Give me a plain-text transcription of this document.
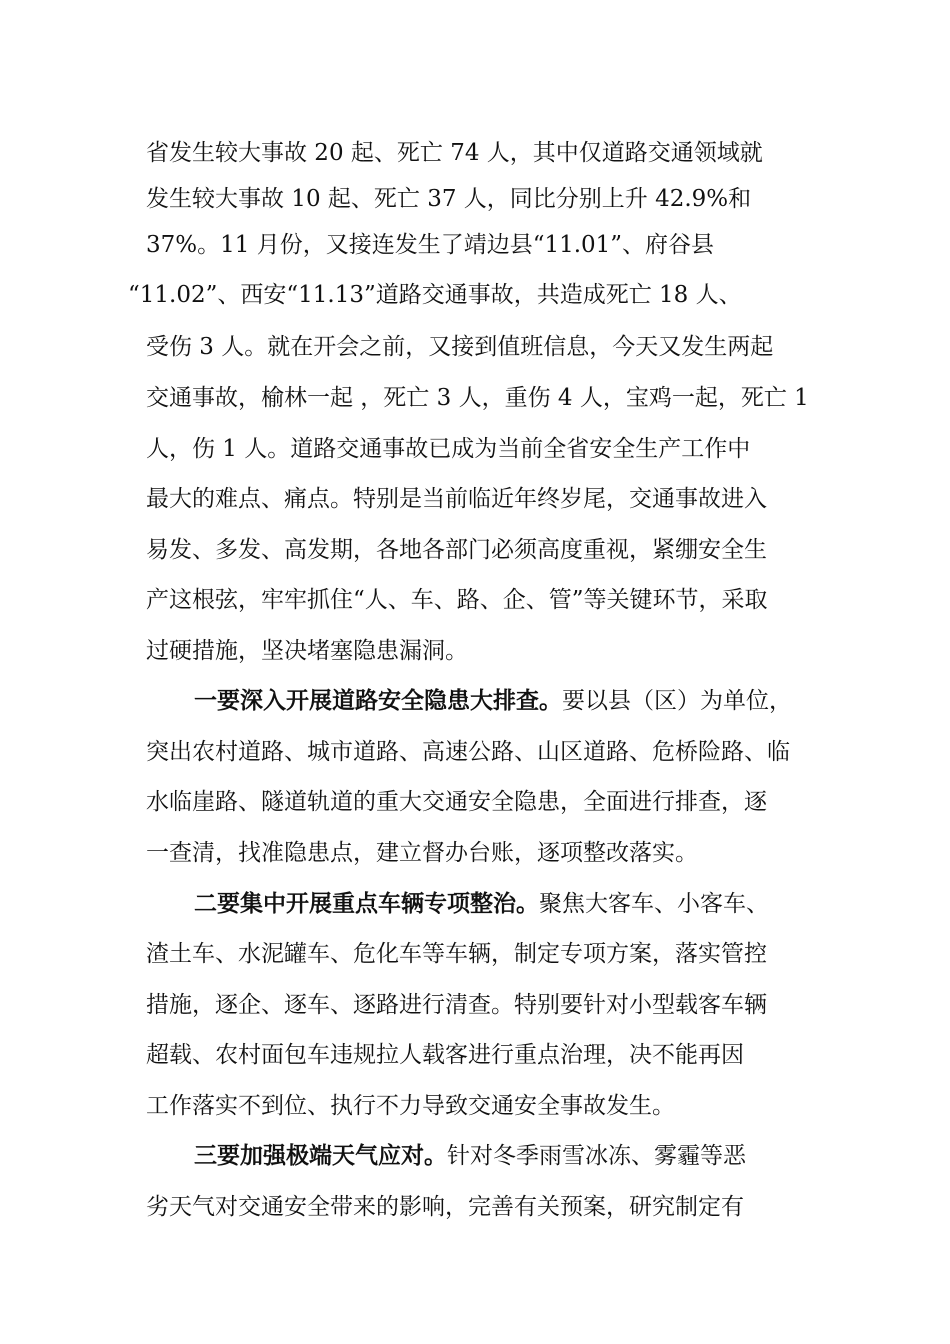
省发生较大事故 20 起、死亡 74 人，其中仅道路交通领域就
发生较大事故 10 起、死亡 37 人，同比分别上升 42.9%和
37%。11 月份，又接连发生了靖边县“11.01”、府谷县
“11.02”、西安“11.13”道路交通事故，共造成死亡 18 人、
受伤 3 人。就在开会之前，又接到值班信息，今天又发生两起
交通事故，榆林一起 ，死亡 3 人，重伤 4 人，宝鸡一起，死亡 1
人，伤 1 人。道路交通事故已成为当前全省安全生产工作中
最大的难点、痛点。特别是当前临近年终岁尾，交通事故进入
易发、多发、高发期，各地各部门必须高度重视，紧绷安全生
产这根弦，牢牢抓住“人、车、路、企、管”等关键环节，采取
过硬措施，坚决堵塞隐患漏洞。
一要深入开展道路安全隐患大排查。要以县（区）为单位，
突出农村道路、城市道路、高速公路、山区道路、危桥险路、临
水临崖路、隧道轨道的重大交通安全隐患，全面进行排查，逐
一查清，找准隐患点，建立督办台账，逐项整改落实。
二要集中开展重点车辆专项整治。聚焦大客车、小客车、
渣土车、水泥罐车、危化车等车辆，制定专项方案，落实管控
措施，逐企、逐车、逐路进行清查。特别要针对小型载客车辆
超载、农村面包车违规拉人载客进行重点治理，决不能再因
工作落实不到位、执行不力导致交通安全事故发生。
三要加强极端天气应对。针对冬季雨雪冰冻、雾霾等恶
劣天气对交通安全带来的影响，完善有关预案，研究制定有
